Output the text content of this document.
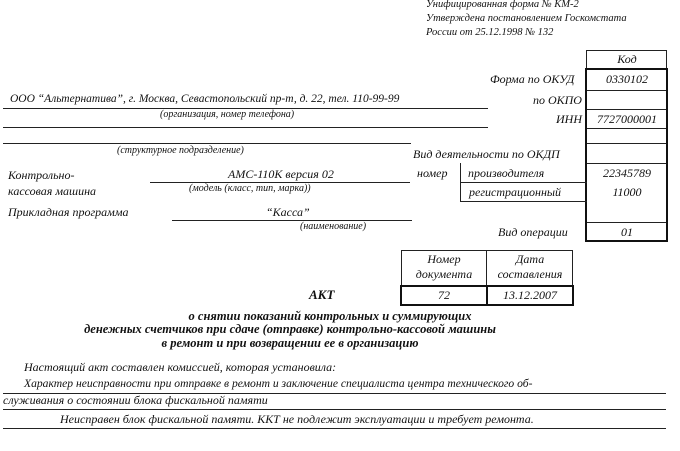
Унифицированная форма № КМ-2
Утверждена постановлением Госкомстата
России от 25.12.1998 № 132
Код
Форма по ОКУД	0330102
по ОКПО
ИНН	7727000001
Вид деятельности по ОКДП
номер производителя	22345789
регистрационный	11000
Вид операции	01
ООО “Альтернатива”, г. Москва, Севастопольский пр-т, д. 22, тел. 110-99-99
(организация, номер телефона)
(структурное подразделение)
Контрольно-
кассовая машина
АМС-110К версия 02
(модель (класс, тип, марка))
Прикладная программа	“Касса”
(наименование)
Номер документа
Дата составления
72	13.12.2007
АКТ
о снятии показаний контрольных и суммирующих
денежных счетчиков при сдаче (отправке) контрольно-кассовой машины
в ремонт и при возвращении ее в организацию
Настоящий акт составлен комиссией, которая установила:
Характер неисправности при отправке в ремонт и заключение специалиста центра технического об-
служивания о состоянии блока фискальной памяти
Неисправен блок фискальной памяти. ККТ не подлежит эксплуатации и требует ремонта.
